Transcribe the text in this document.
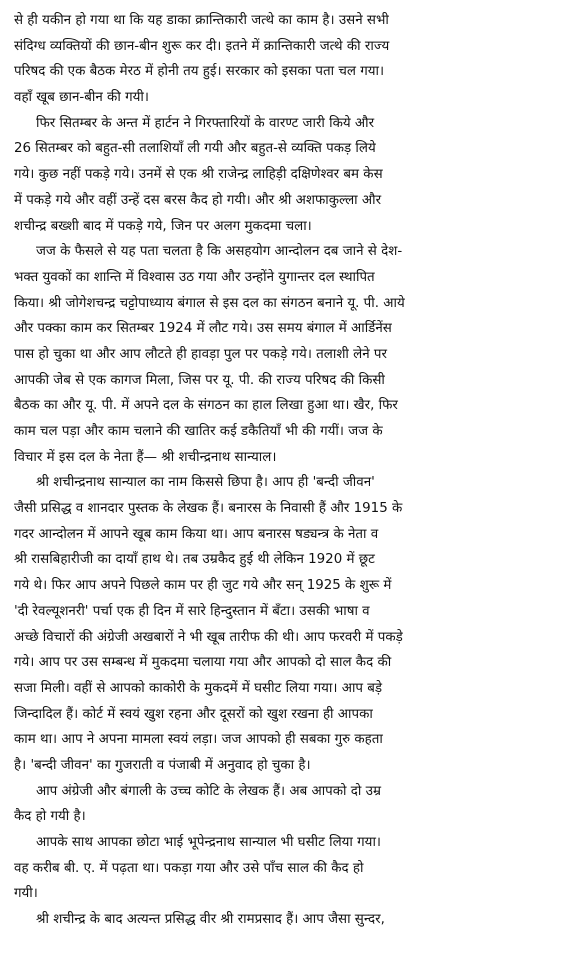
से ही यकीन हो गया था कि यह डाका क्रान्तिकारी जत्थे का काम है। उसने सभी
संदिग्ध व्यक्तियों की छान-बीन शुरू कर दी। इतने में क्रान्तिकारी जत्थे की राज्य
परिषद की एक बैठक मेरठ में होनी तय हुई। सरकार को इसका पता चल गया।
वहाँ खूब छान-बीन की गयी।
फिर सितम्बर के अन्त में हार्टन ने गिरफ्तारियों के वारण्ट जारी किये और
26 सितम्बर को बहुत-सी तलाशियाँ ली गयी और बहुत-से व्यक्ति पकड़ लिये
गये। कुछ नहीं पकड़े गये। उनमें से एक श्री राजेन्द्र लाहिड़ी दक्षिणेश्वर बम केस
में पकड़े गये और वहीं उन्हें दस बरस कैद हो गयी। और श्री अशफाकुल्ला और
शचीन्द्र बख्शी बाद में पकड़े गये, जिन पर अलग मुकदमा चला।
जज के फैसले से यह पता चलता है कि असहयोग आन्दोलन दब जाने से देश-
भक्त युवकों का शान्ति में विश्वास उठ गया और उन्होंने युगान्तर दल स्थापित
किया। श्री जोगेशचन्द्र चट्टोपाध्याय बंगाल से इस दल का संगठन बनाने यू. पी. आये
और पक्का काम कर सितम्बर 1924 में लौट गये। उस समय बंगाल में आर्डिनेंस
पास हो चुका था और आप लौटते ही हावड़ा पुल पर पकड़े गये। तलाशी लेने पर
आपकी जेब से एक कागज मिला, जिस पर यू. पी. की राज्य परिषद की किसी
बैठक का और यू. पी. में अपने दल के संगठन का हाल लिखा हुआ था। खैर, फिर
काम चल पड़ा और काम चलाने की खातिर कई डकैतियाँ भी की गयीं। जज के
विचार में इस दल के नेता हैं— श्री शचीन्द्रनाथ सान्याल।
श्री शचीन्द्रनाथ सान्याल का नाम किससे छिपा है। आप ही 'बन्दी जीवन'
जैसी प्रसिद्ध व शानदार पुस्तक के लेखक हैं। बनारस के निवासी हैं और 1915 के
गदर आन्दोलन में आपने खूब काम किया था। आप बनारस षड्यन्त्र के नेता व
श्री रासबिहारीजी का दायाँ हाथ थे। तब उम्रकैद हुई थी लेकिन 1920 में छूट
गये थे। फिर आप अपने पिछले काम पर ही जुट गये और सन् 1925 के शुरू में
'दी रेवल्यूशनरी' पर्चा एक ही दिन में सारे हिन्दुस्तान में बँटा। उसकी भाषा व
अच्छे विचारों की अंग्रेजी अखबारों ने भी खूब तारीफ की थी। आप फरवरी में पकड़े
गये। आप पर उस सम्बन्ध में मुकदमा चलाया गया और आपको दो साल कैद की
सजा मिली। वहीं से आपको काकोरी के मुकदमें में घसीट लिया गया। आप बड़े
जिन्दादिल हैं। कोर्ट में स्वयं खुश रहना और दूसरों को खुश रखना ही आपका
काम था। आप ने अपना मामला स्वयं लड़ा। जज आपको ही सबका गुरु कहता
है। 'बन्दी जीवन' का गुजराती व पंजाबी में अनुवाद हो चुका है।
आप अंग्रेजी और बंगाली के उच्च कोटि के लेखक हैं। अब आपको दो उम्र
कैद हो गयी है।
आपके साथ आपका छोटा भाई भूपेन्द्रनाथ सान्याल भी घसीट लिया गया।
वह करीब बी. ए. में पढ़ता था। पकड़ा गया और उसे पाँच साल की कैद हो
गयी।
श्री शचीन्द्र के बाद अत्यन्त प्रसिद्ध वीर श्री रामप्रसाद हैं। आप जैसा सुन्दर,
